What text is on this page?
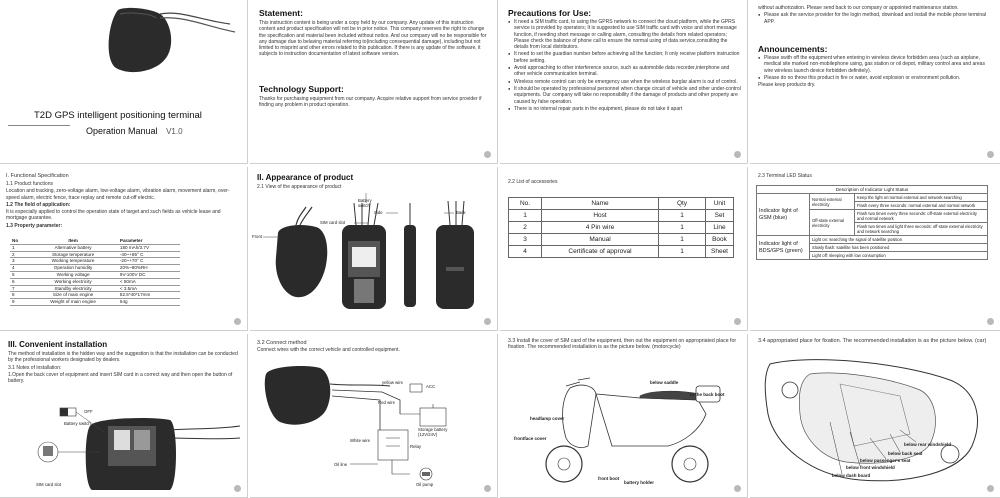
T2D GPS intelligent positioning terminal
Operation Manual V1.0
Statement:
This instruction content is being under a copy held by our company. Any update of this instruction content and product specification will not be in prior notice. This company reserves the right to change the specification and material been included without notice. And our company will no be responsible for any damage due to belaving material referring to(including consequential damage), including but not limited to misprint and other errors related to this publication. If there is any update of the software, it subjects to instruction documentation of latest software version.
Technology Support:
Thanks for purchasing equipment from our company. Acquire relative support from service provider if finding any problem in product operation.
Precautions for Use:
● It need a SIM traffic card, to using the GPRS network to connect the cloud platform, while the GPRS service is provided by operators; It is suggested to use SIM traffic card with voice and short message function, if needing short message or calling alarm, consulting the details from related operators; Please check the balance of phone call to ensure the normal using of data service,consulting the details from local distributors.
● It need to set the guardian number before achieving all the function; It only receive platform instruction before setting.
● Avoid approaching to other interference source, such as automobile data recorder,interphone and other vehicle communication terminal.
● Wireless remote control can only be emergency use when the wireless burglar alarm is out of control.
● It should be operated by professional personnel when change circuit of vehicle and other under-control equipments. Our company will take no responsibility if the damage of products and other property are caused by false operation.
● There is no internal repair parts in the equipment, please do not take it apart

without authorization. Please send back to our company or appointed maintenance station.

● Please ask the service provider for the login method, download and install the mobile phone terminal APP.
Announcements:
● Please swith off the equipment when entering in wireless device forbidden area (such as airplane, medical site marked non-mobilephone using, gas station or oil depot, military control area and areas wire wireless launch device forbidden definitely).
● Please do no throw this product in fire or water, avoid explosion or environment pollution.

Please keep products dry.

I. Functional Specification

1.1 Product functions

Location and tracking, zero-voltage alarm, low-voltage alarm, vibration alarm, movement alarm, over-speed alarm, electric fence, trace replay and remote cut-off electric.

1.2 The field of application:

It is especially applied to control the operation state of target and such fields as vehicle lease and mortgage guarantee.

1.3 Property parameter:

No	Item	Parameter
1	Alternative battery	180 mAh/3.7V
2	Storage temperature	-40~+85° C
3	Working temperature	-20~+70° C
4	Operation humidity	20%~80%RH
5	Working voltage	9V-100V DC
6	Working electricity	< 50mA
7	Standby electricity	< 3.5mA
8	Size of main engine	82.5*40*17mm
9	Weight of main engine	54g
II. Appearance of product
2.1 View of the appearance of product
Battery switch
Side	Back
Front
SIM card slot
2.2 List of accessories
No.	Name	Qty	Unit
1	Host	1	Set
2	4 Pin wire	1	Line
3	Manual	1	Book
4	Certificate of approval	1	Sheet
2.3 Terminal LED Status
Description of Indicator Light Status		
Indicator light of GSM (blue)	Normal external electricity	Keep the light on:normal external and network searching
		Flash every three seconds: normal external and normal network
	Off-state external electricity	Flash two times every three seconds: off-state external electricity and normal network
		Flash two times and light three seconds: off-state external electricity and network searching
Indicator light of BDS/GPS (green)	Light on: searching the signal of satellite position	
	Slowly flash: satellite has been positioned	
	Light off: sleeping with low consumption	
III. Convenient installation

The method of installation is the hidden way and the suggestion is that the installation can be conducted by the professional workers designated by dealers.

3.1 Notes of installation:

1.Open the back cover of equipment and insert SIM card in a correct way and then open the button of battery.

ON	OFF
Battery switch
SIM card slot
3.2 Connect method
Connect wires with the correct vehicle and controlled equipment.
yellow wire
ACC
Red wire
Storage battery (12V/24V)
White wire
Relay
Oil line
Oil pump
3.3 Install the cover of SIM card of the equipment, then out the equipment on appropriated place for fixation. The recommended installation is as the picture below. (motorcycle)
below saddle
In the back boot
headlamp cover
frontface cover
front boot
battery holder
3.4 appropriated place for fixation. The recommended installation is as the picture below. (car)
below rear windshield
below back seat
below passenger's seat
below front windshield
below dash board
